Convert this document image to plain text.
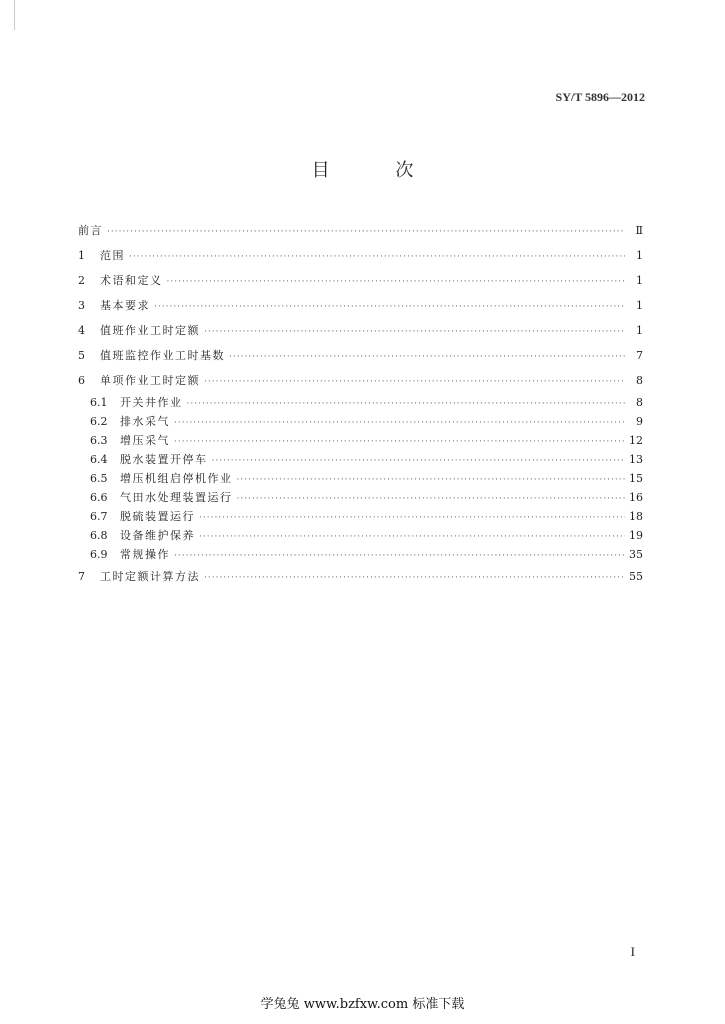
SY/T 5896—2012
目 次
前言 ·····	Ⅱ
1	范围 ·····	1
2	术语和定义 ·····	1
3	基本要求 ·····	1
4	值班作业工时定额 ·····	1
5	值班监控作业工时基数 ·····	7
6	单项作业工时定额 ·····	8
6.1	开关井作业 ·····	8
6.2	排水采气 ·····	9
6.3	增压采气 ·····	12
6.4	脱水装置开停车 ·····	13
6.5	增压机组启停机作业 ·····	15
6.6	气田水处理装置运行 ·····	16
6.7	脱硫装置运行 ·····	18
6.8	设备维护保养 ·····	19
6.9	常规操作 ·····	35
7	工时定额计算方法 ·····	55
I
学兔兔 www.bzfxw.com 标准下载
